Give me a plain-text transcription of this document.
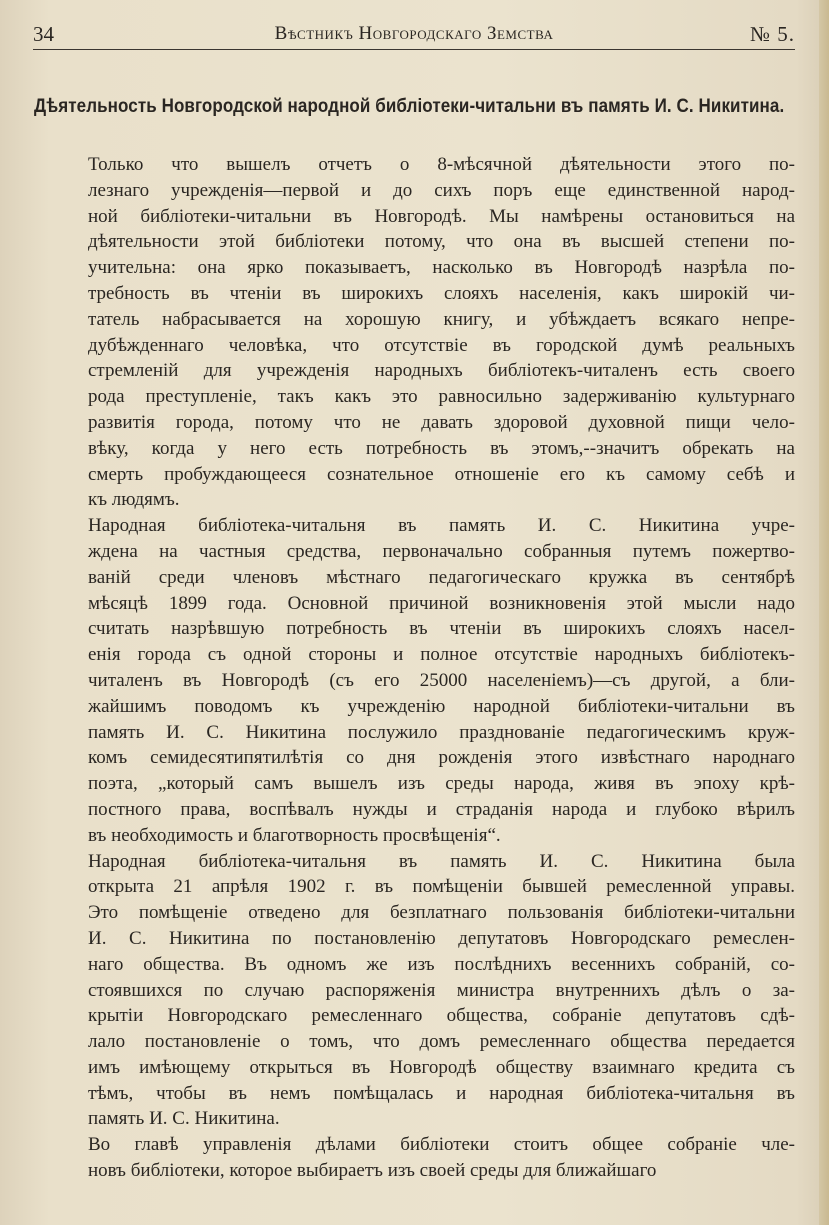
34	Вѣстникъ Новгородскаго Земства	№ 5.
Дѣятельность Новгородской народной библіотеки-читальни въ память И. С. Никитина.

Только что вышелъ отчетъ о 8-мѣсячной дѣятельности этого по-
лезнаго учрежденія—первой и до сихъ поръ еще единственной народ-
ной библіотеки-читальни въ Новгородѣ. Мы намѣрены остановиться на
дѣятельности этой библіотеки потому, что она въ высшей степени по-
учительна: она ярко показываетъ, насколько въ Новгородѣ назрѣла по-
требность въ чтеніи въ широкихъ слояхъ населенія, какъ широкій чи-
татель набрасывается на хорошую книгу, и убѣждаетъ всякаго непре-
дубѣжденнаго человѣка, что отсутствіе въ городской думѣ реальныхъ
стремленій для учрежденія народныхъ библіотекъ-читаленъ есть своего
рода преступленіе, такъ какъ это равносильно задерживанію культурнаго
развитія города, потому что не давать здоровой духовной пищи чело-
вѣку, когда у него есть потребность въ этомъ,--значитъ обрекать на
смерть пробуждающееся сознательное отношеніе его къ самому себѣ и
къ людямъ.

Народная библіотека-читальня въ память И. С. Никитина учре-
ждена на частныя средства, первоначально собранныя путемъ пожертво-
ваній среди членовъ мѣстнаго педагогическаго кружка въ сентябрѣ
мѣсяцѣ 1899 года. Основной причиной возникновенія этой мысли надо
считать назрѣвшую потребность въ чтеніи въ широкихъ слояхъ насел-
енія города съ одной стороны и полное отсутствіе народныхъ библіотекъ-
читаленъ въ Новгородѣ (съ его 25000 населеніемъ)—съ другой, а бли-
жайшимъ поводомъ къ учрежденію народной библіотеки-читальни въ
память И. С. Никитина послужило празднованіе педагогическимъ круж-
комъ семидесятипятилѣтія со дня рожденія этого извѣстнаго народнаго
поэта, „который самъ вышелъ изъ среды народа, живя въ эпоху крѣ-
постного права, воспѣвалъ нужды и страданія народа и глубоко вѣрилъ
въ необходимость и благотворность просвѣщенія“.

Народная библіотека-читальня въ память И. С. Никитина была
открыта 21 апрѣля 1902 г. въ помѣщеніи бывшей ремесленной управы.
Это помѣщеніе отведено для безплатнаго пользованія библіотеки-читальни
И. С. Никитина по постановленію депутатовъ Новгородскаго ремеслен-
наго общества. Въ одномъ же изъ послѣднихъ весеннихъ собраній, со-
стоявшихся по случаю распоряженія министра внутреннихъ дѣлъ о за-
крытіи Новгородскаго ремесленнаго общества, собраніе депутатовъ сдѣ-
лало постановленіе о томъ, что домъ ремесленнаго общества передается
имъ имѣющему открыться въ Новгородѣ обществу взаимнаго кредита съ
тѣмъ, чтобы въ немъ помѣщалась и народная библіотека-читальня въ
память И. С. Никитина.

Во главѣ управленія дѣлами библіотеки стоитъ общее собраніе чле-
новъ библіотеки, которое выбираетъ изъ своей среды для ближайшаго
